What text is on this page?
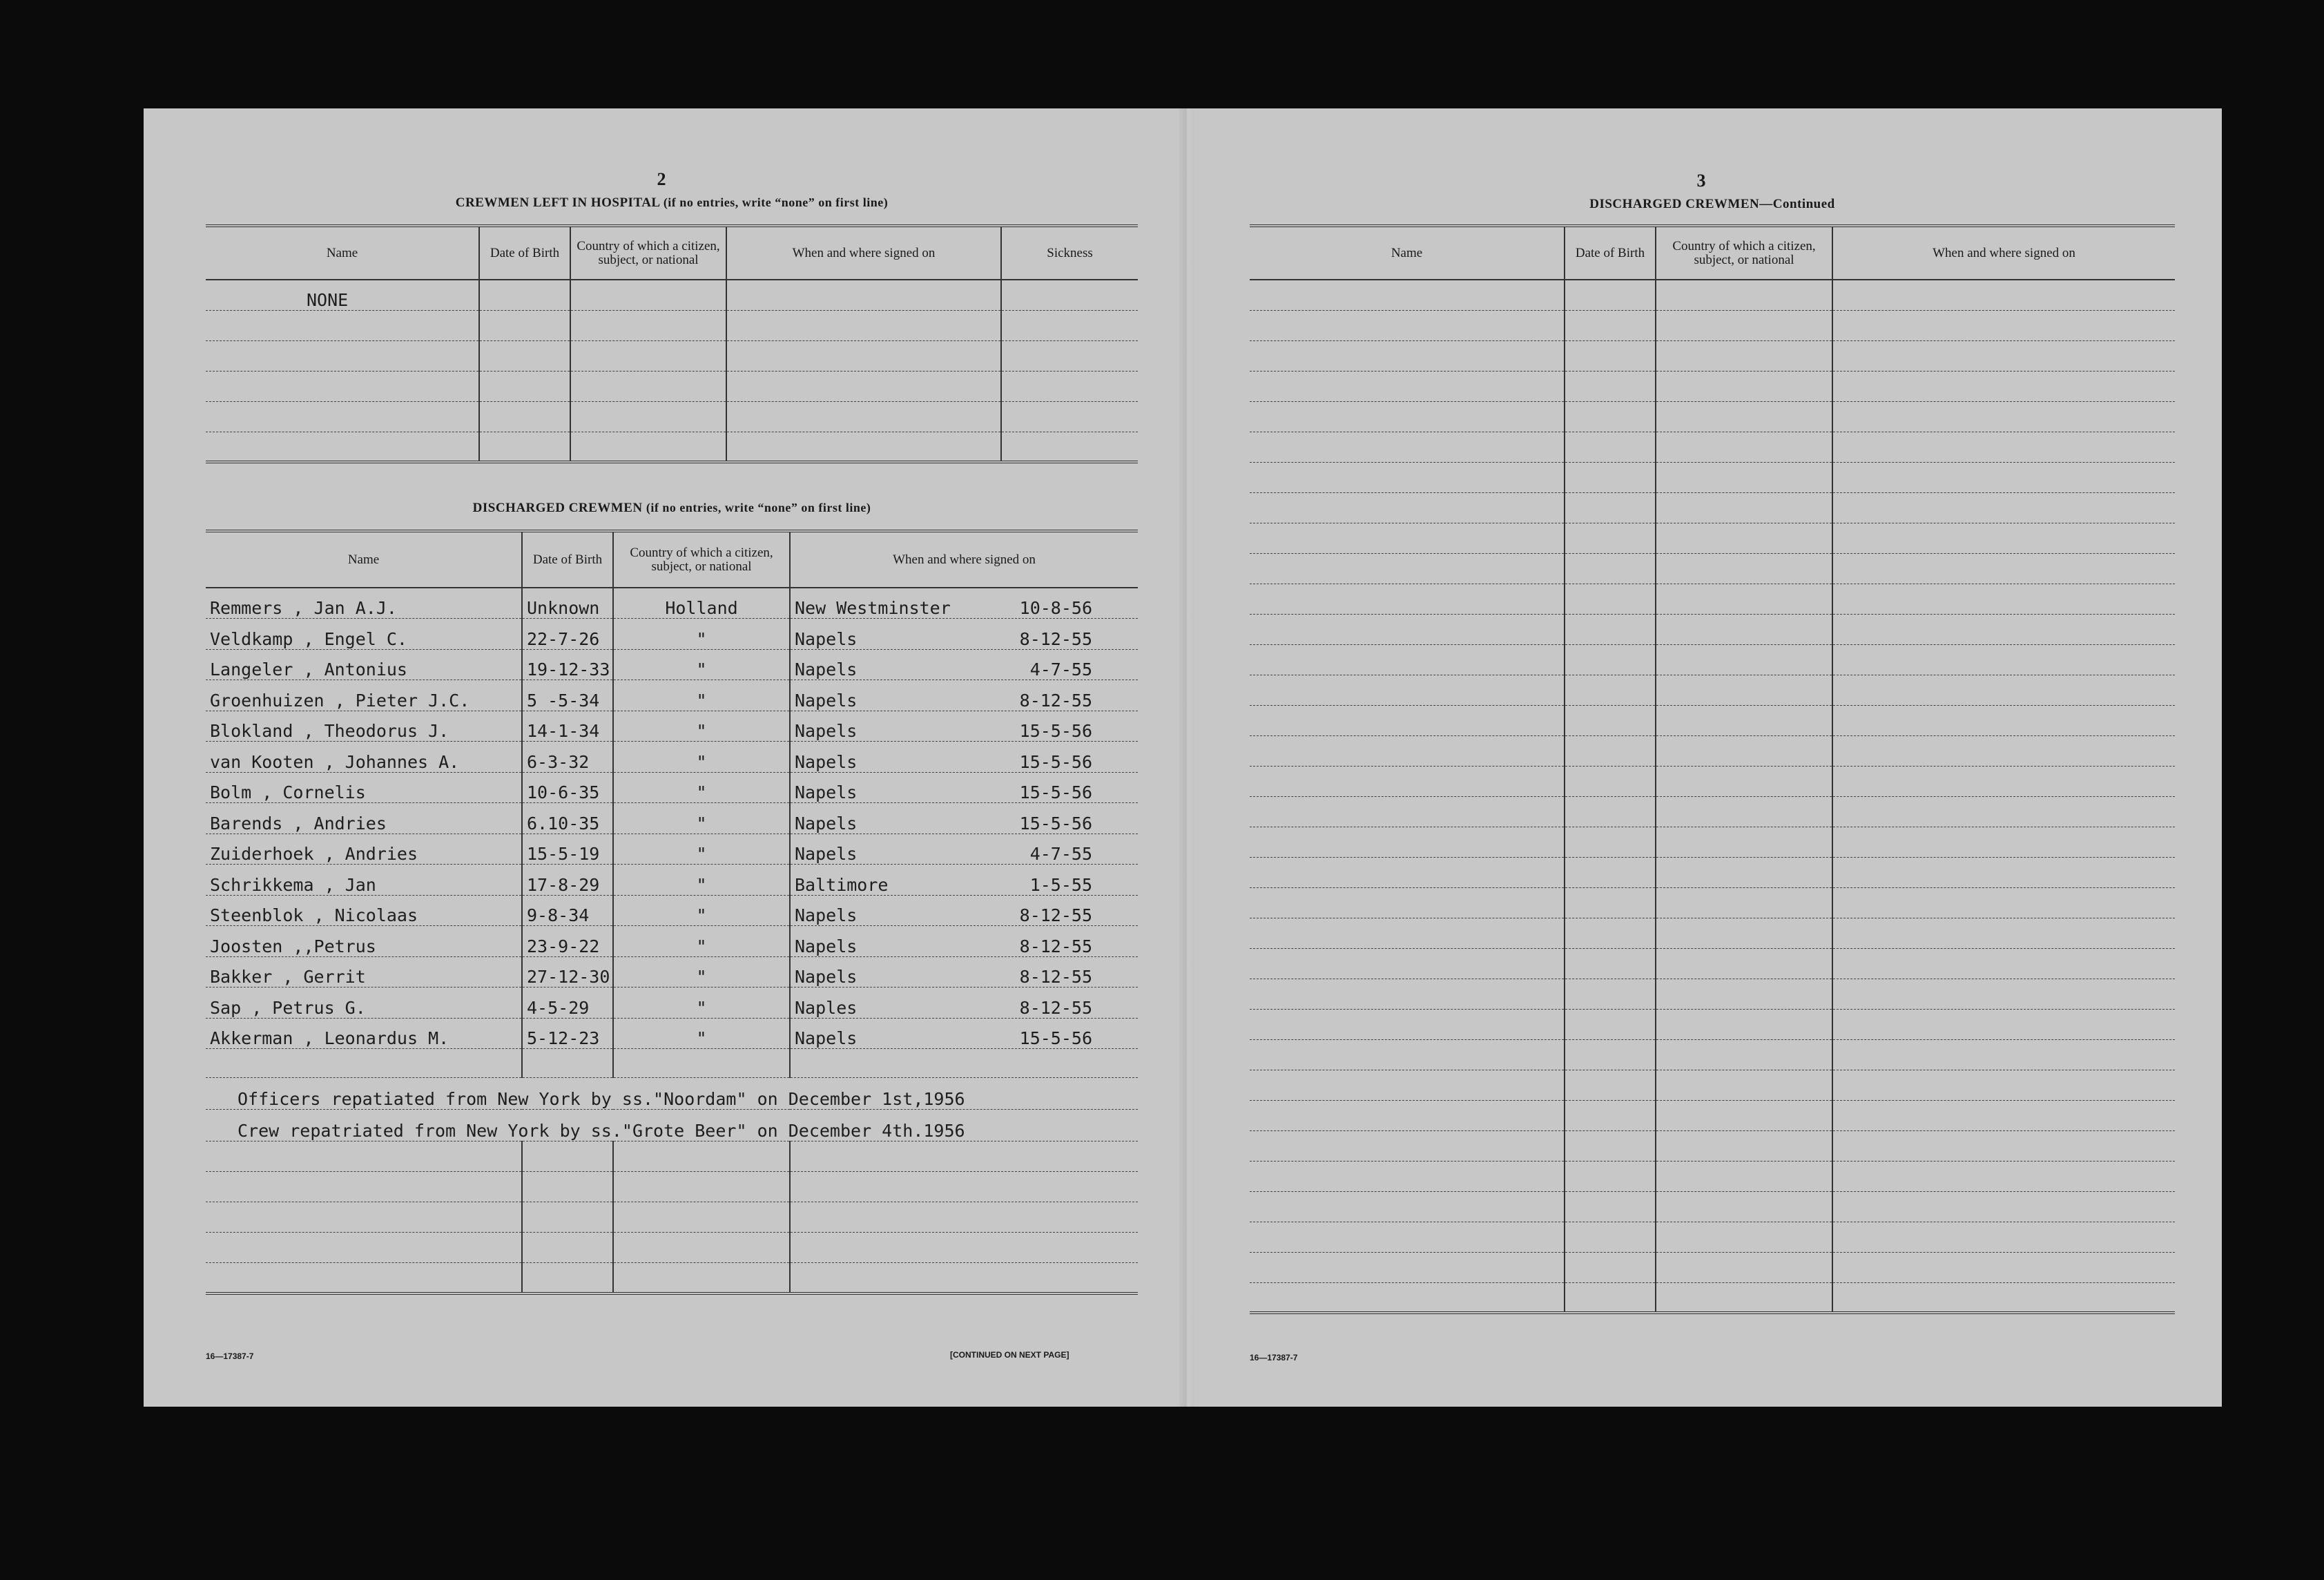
2
CREWMEN LEFT IN HOSPITAL (if no entries, write “none” on first line)
Name	Date of Birth	Country of which a citizen, subject, or national	When and where signed on	Sickness
NONE				

DISCHARGED CREWMEN (if no entries, write “none” on first line)
Name	Date of Birth	Country of which a citizen, subject, or national	When and where signed on
Remmers , Jan A.J.	Unknown	Holland	New Westminster 10-8-56

Veldkamp , Engel C.	22-7-26	"	Napels 8-12-55

Langeler , Antonius	19-12-33	"	Napels 4-7-55

Groenhuizen , Pieter J.C.	5 -5-34	"	Napels 8-12-55

Blokland , Theodorus J.	14-1-34	"	Napels 15-5-56

van Kooten , Johannes A.	6-3-32	"	Napels 15-5-56

Bolm , Cornelis	10-6-35	"	Napels 15-5-56

Barends , Andries	6.10-35	"	Napels 15-5-56

Zuiderhoek , Andries	15-5-19	"	Napels 4-7-55

Schrikkema , Jan	17-8-29	"	Baltimore 1-5-55

Steenblok , Nicolaas	9-8-34	"	Napels 8-12-55

Joosten ,,Petrus	23-9-22	"	Napels 8-12-55

Bakker , Gerrit	27-12-30	"	Napels 8-12-55

Sap , Petrus G.	4-5-29	"	Naples 8-12-55

Akkerman , Leonardus M.	5-12-23	"	Napels 15-5-56

Officers repatiated from New York by ss."Noordam" on December 1st,1956			
Crew repatriated from New York by ss."Grote Beer" on December 4th.1956			

16—17387-7	[CONTINUED ON NEXT PAGE]
3
DISCHARGED CREWMEN—Continued
Name	Date of Birth	Country of which a citizen, subject, or national	When and where signed on

16—17387-7
